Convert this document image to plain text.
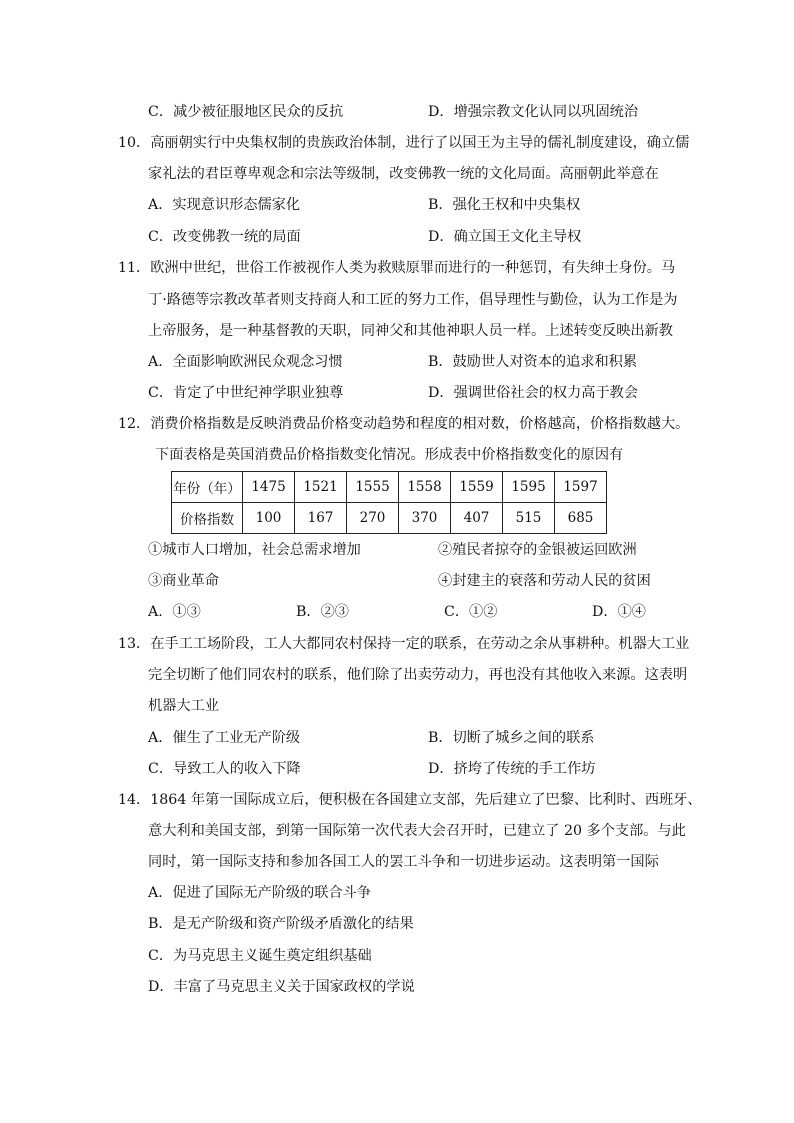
C．减少被征服地区民众的反抗	D．增强宗教文化认同以巩固统治
10．高丽朝实行中央集权制的贵族政治体制，进行了以国王为主导的儒礼制度建设，确立儒
家礼法的君臣尊卑观念和宗法等级制，改变佛教一统的文化局面。高丽朝此举意在
A．实现意识形态儒家化	B．强化王权和中央集权
C．改变佛教一统的局面	D．确立国王文化主导权
11．欧洲中世纪，世俗工作被视作人类为救赎原罪而进行的一种惩罚，有失绅士身份。马
丁·路德等宗教改革者则支持商人和工匠的努力工作，倡导理性与勤俭，认为工作是为
上帝服务，是一种基督教的天职，同神父和其他神职人员一样。上述转变反映出新教
A．全面影响欧洲民众观念习惯	B．鼓励世人对资本的追求和积累
C．肯定了中世纪神学职业独尊	D．强调世俗社会的权力高于教会
12．消费价格指数是反映消费品价格变动趋势和程度的相对数，价格越高，价格指数越大。
下面表格是英国消费品价格指数变化情况。形成表中价格指数变化的原因有
年份（年）	1475	1521	1555	1558	1559	1595	1597
价格指数	100	167	270	370	407	515	685
①城市人口增加，社会总需求增加	②殖民者掠夺的金银被运回欧洲
③商业革命	④封建主的衰落和劳动人民的贫困
A．①③	B．②③	C．①②	D．①④
13．在手工工场阶段，工人大都同农村保持一定的联系，在劳动之余从事耕种。机器大工业
完全切断了他们同农村的联系，他们除了出卖劳动力，再也没有其他收入来源。这表明
机器大工业
A．催生了工业无产阶级	B．切断了城乡之间的联系
C．导致工人的收入下降	D．挤垮了传统的手工作坊
14．1864 年第一国际成立后，便积极在各国建立支部，先后建立了巴黎、比利时、西班牙、
意大利和美国支部，到第一国际第一次代表大会召开时，已建立了 20 多个支部。与此
同时，第一国际支持和参加各国工人的罢工斗争和一切进步运动。这表明第一国际
A．促进了国际无产阶级的联合斗争
B．是无产阶级和资产阶级矛盾激化的结果
C．为马克思主义诞生奠定组织基础
D．丰富了马克思主义关于国家政权的学说
